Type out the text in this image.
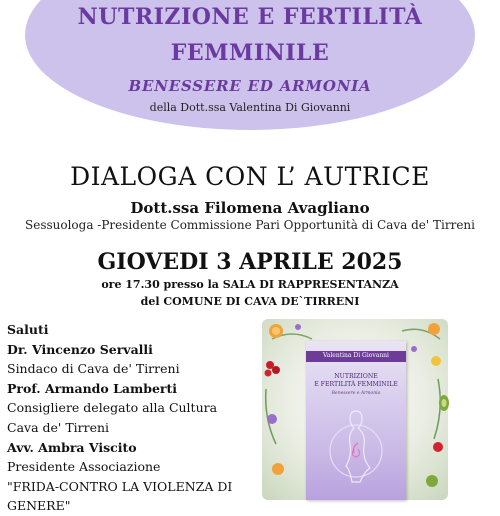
NUTRIZIONE E FERTILITÀ
FEMMINILE
BENESSERE ED ARMONIA
della Dott.ssa Valentina Di Giovanni
DIALOGA CON L’ AUTRICE
Dott.ssa Filomena Avagliano
Sessuologa -Presidente Commissione Pari Opportunità di Cava de' Tirreni
GIOVEDI 3 APRILE 2025
ore 17.30 presso la SALA DI RAPPRESENTANZA
del COMUNE DI CAVA DE`TIRRENI
Saluti
Dr. Vincenzo Servalli
Sindaco di Cava de' Tirreni
Prof. Armando Lamberti
Consigliere delegato alla Cultura
Cava de' Tirreni
Avv. Ambra Viscito
Presidente Associazione
"FRIDA-CONTRO LA VIOLENZA DI
GENERE"
Valentina Di Giovanni
NUTRIZIONE
E FERTILITÀ FEMMINILE
Benessere e Armonia
